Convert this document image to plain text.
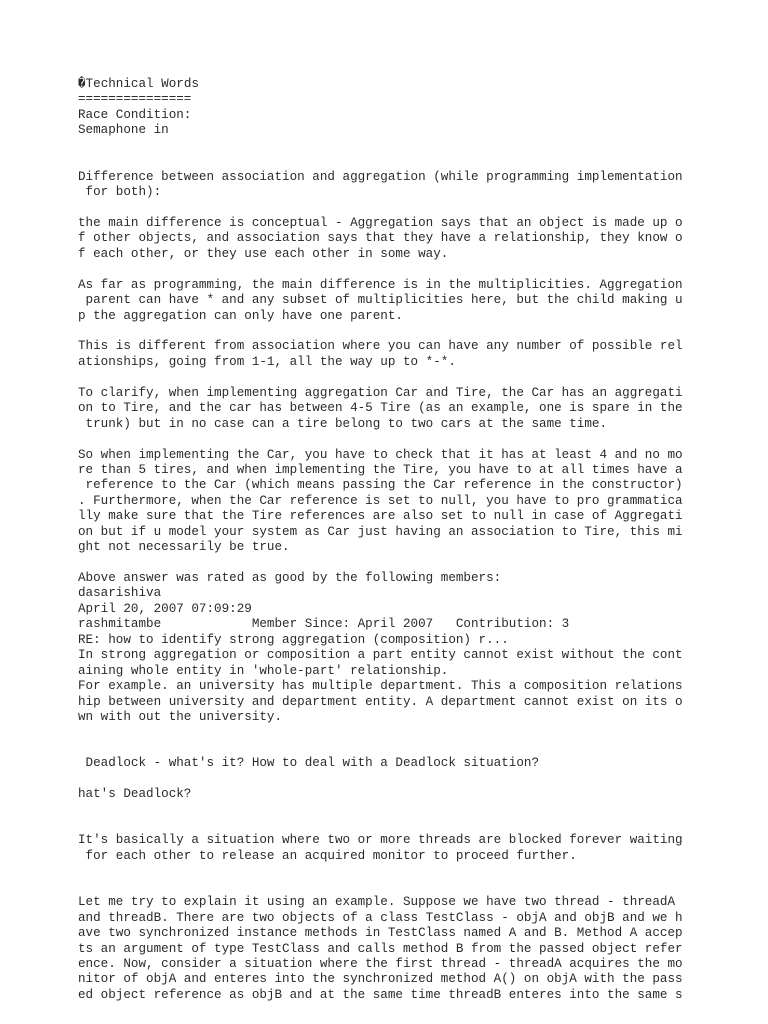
�Technical Words
===============
Race Condition:
Semaphone in
Difference between association and aggregation (while programming implementation
for both):
the main difference is conceptual - Aggregation says that an object is made up o
f other objects, and association says that they have a relationship, they know o
f each other, or they use each other in some way.
As far as programming, the main difference is in the multiplicities. Aggregation
parent can have * and any subset of multiplicities here, but the child making u
p the aggregation can only have one parent.
This is different from association where you can have any number of possible rel
ationships, going from 1-1, all the way up to *-*.
To clarify, when implementing aggregation Car and Tire, the Car has an aggregati
on to Tire, and the car has between 4-5 Tire (as an example, one is spare in the
trunk) but in no case can a tire belong to two cars at the same time.
So when implementing the Car, you have to check that it has at least 4 and no mo
re than 5 tires, and when implementing the Tire, you have to at all times have a
reference to the Car (which means passing the Car reference in the constructor)
. Furthermore, when the Car reference is set to null, you have to pro grammatica
lly make sure that the Tire references are also set to null in case of Aggregati
on but if u model your system as Car just having an association to Tire, this mi
ght not necessarily be true.
Above answer was rated as good by the following members:
dasarishiva
April 20, 2007 07:09:29
rashmitambe            Member Since: April 2007   Contribution: 3
RE: how to identify strong aggregation (composition) r...
In strong aggregation or composition a part entity cannot exist without the cont
aining whole entity in 'whole-part' relationship.
For example. an university has multiple department. This a composition relations
hip between university and department entity. A department cannot exist on its o
wn with out the university.
Deadlock - what's it? How to deal with a Deadlock situation?
hat's Deadlock?
It's basically a situation where two or more threads are blocked forever waiting
for each other to release an acquired monitor to proceed further.
Let me try to explain it using an example. Suppose we have two thread - threadA
and threadB. There are two objects of a class TestClass - objA and objB and we h
ave two synchronized instance methods in TestClass named A and B. Method A accep
ts an argument of type TestClass and calls method B from the passed object refer
ence. Now, consider a situation where the first thread - threadA acquires the mo
nitor of objA and enteres into the synchronized method A() on objA with the pass
ed object reference as objB and at the same time threadB enteres into the same s
